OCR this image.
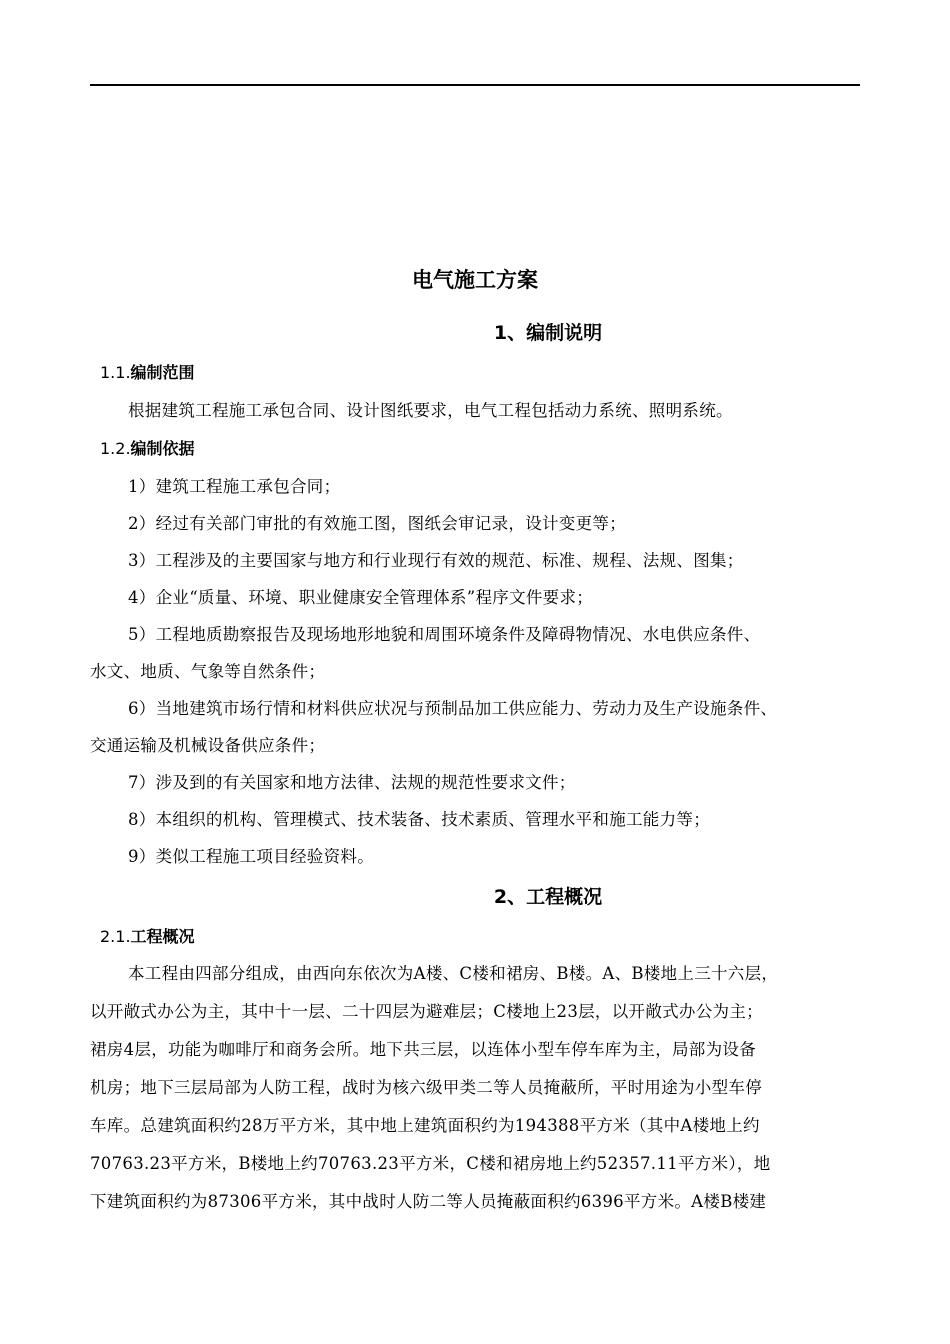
电气施工方案
1、编制说明
1.1.编制范围
根据建筑工程施工承包合同、设计图纸要求，电气工程包括动力系统、照明系统。
1.2.编制依据
1）建筑工程施工承包合同；
2）经过有关部门审批的有效施工图，图纸会审记录，设计变更等；
3）工程涉及的主要国家与地方和行业现行有效的规范、标准、规程、法规、图集；
4）企业“质量、环境、职业健康安全管理体系”程序文件要求；
5）工程地质勘察报告及现场地形地貌和周围环境条件及障碍物情况、水电供应条件、
水文、地质、气象等自然条件；
6）当地建筑市场行情和材料供应状况与预制品加工供应能力、劳动力及生产设施条件、
交通运输及机械设备供应条件；
7）涉及到的有关国家和地方法律、法规的规范性要求文件；
8）本组织的机构、管理模式、技术装备、技术素质、管理水平和施工能力等；
9）类似工程施工项目经验资料。
2、工程概况
2.1.工程概况
本工程由四部分组成，由西向东依次为A楼、C楼和裙房、B楼。A、B楼地上三十六层，
以开敞式办公为主，其中十一层、二十四层为避难层；C楼地上23层，以开敞式办公为主；
裙房4层，功能为咖啡厅和商务会所。地下共三层，以连体小型车停车库为主，局部为设备
机房；地下三层局部为人防工程，战时为核六级甲类二等人员掩蔽所，平时用途为小型车停
车库。总建筑面积约28万平方米，其中地上建筑面积约为194388平方米（其中A楼地上约
70763.23平方米，B楼地上约70763.23平方米，C楼和裙房地上约52357.11平方米），地
下建筑面积约为87306平方米，其中战时人防二等人员掩蔽面积约6396平方米。A楼B楼建
